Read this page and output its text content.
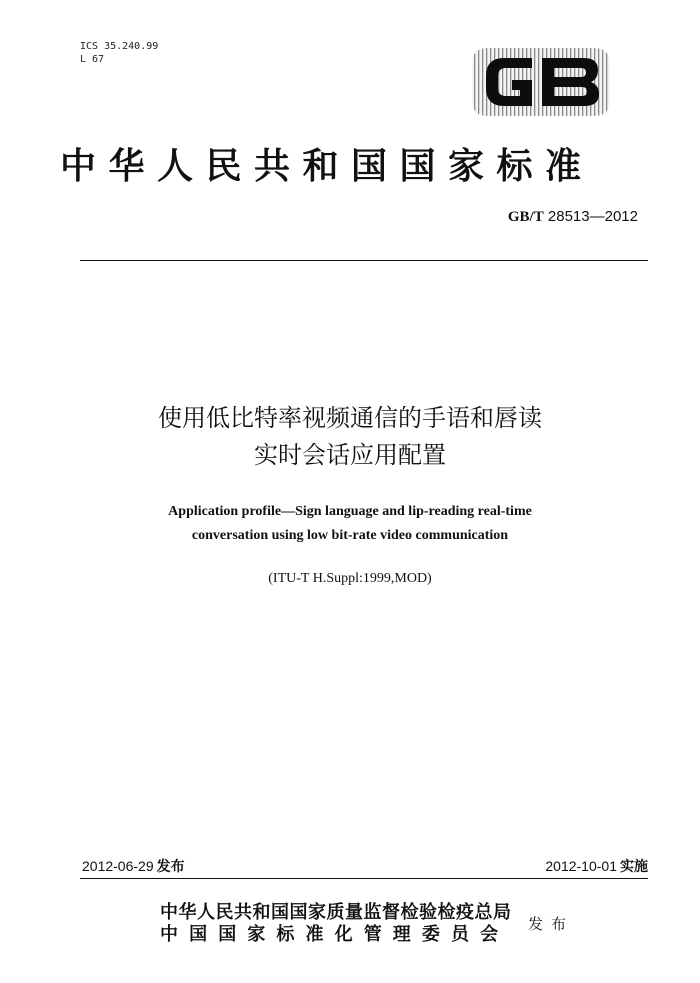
ICS 35.240.99
L 67
中华人民共和国国家标准
GB/T 28513—2012
使用低比特率视频通信的手语和唇读
实时会话应用配置
Application profile—Sign language and lip-reading real-time
conversation using low bit-rate video communication
(ITU-T H.Suppl:1999,MOD)
2012-06-29 发布	2012-10-01 实施
中华人民共和国国家质量监督检验检疫总局
中国国家标准化管理委员会 发布
